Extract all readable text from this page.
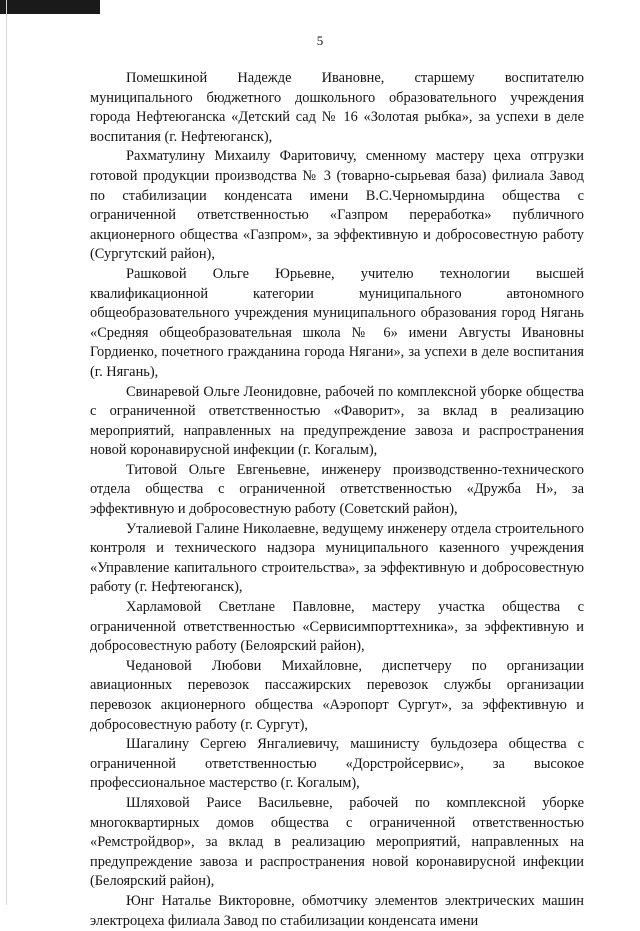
5

Помешкиной Надежде Ивановне, старшему воспитателю муниципального бюджетного дошкольного образовательного учреждения города Нефтеюганска «Детский сад № 16 «Золотая рыбка», за успехи в деле воспитания (г. Нефтеюганск),

Рахматулину Михаилу Фаритовичу, сменному мастеру цеха отгрузки готовой продукции производства № 3 (товарно-сырьевая база) филиала Завод по стабилизации конденсата имени В.С.Черномырдина общества с ограниченной ответственностью «Газпром переработка» публичного акционерного общества «Газпром», за эффективную и добросовестную работу (Сургутский район),

Рашковой Ольге Юрьевне, учителю технологии высшей квалификационной категории муниципального автономного общеобразовательного учреждения муниципального образования город Нягань «Средняя общеобразовательная школа № 6» имени Августы Ивановны Гордиенко, почетного гражданина города Нягани», за успехи в деле воспитания (г. Нягань),

Свинаревой Ольге Леонидовне, рабочей по комплексной уборке общества с ограниченной ответственностью «Фаворит», за вклад в реализацию мероприятий, направленных на предупреждение завоза и распространения новой коронавирусной инфекции (г. Когалым),

Титовой Ольге Евгеньевне, инженеру производственно-технического отдела общества с ограниченной ответственностью «Дружба Н», за эффективную и добросовестную работу (Советский район),

Уталиевой Галине Николаевне, ведущему инженеру отдела строительного контроля и технического надзора муниципального казенного учреждения «Управление капитального строительства», за эффективную и добросовестную работу (г. Нефтеюганск),

Харламовой Светлане Павловне, мастеру участка общества с ограниченной ответственностью «Сервисимпорттехника», за эффективную и добросовестную работу (Белоярский район),

Чедановой Любови Михайловне, диспетчеру по организации авиационных перевозок пассажирских перевозок службы организации перевозок акционерного общества «Аэропорт Сургут», за эффективную и добросовестную работу (г. Сургут),

Шагалину Сергею Янгалиевичу, машинисту бульдозера общества с ограниченной ответственностью «Дорстройсервис», за высокое профессиональное мастерство (г. Когалым),

Шляховой Раисе Васильевне, рабочей по комплексной уборке многоквартирных домов общества с ограниченной ответственностью «Ремстройдвор», за вклад в реализацию мероприятий, направленных на предупреждение завоза и распространения новой коронавирусной инфекции (Белоярский район),

Юнг Наталье Викторовне, обмотчику элементов электрических машин электроцеха филиала Завод по стабилизации конденсата имени
